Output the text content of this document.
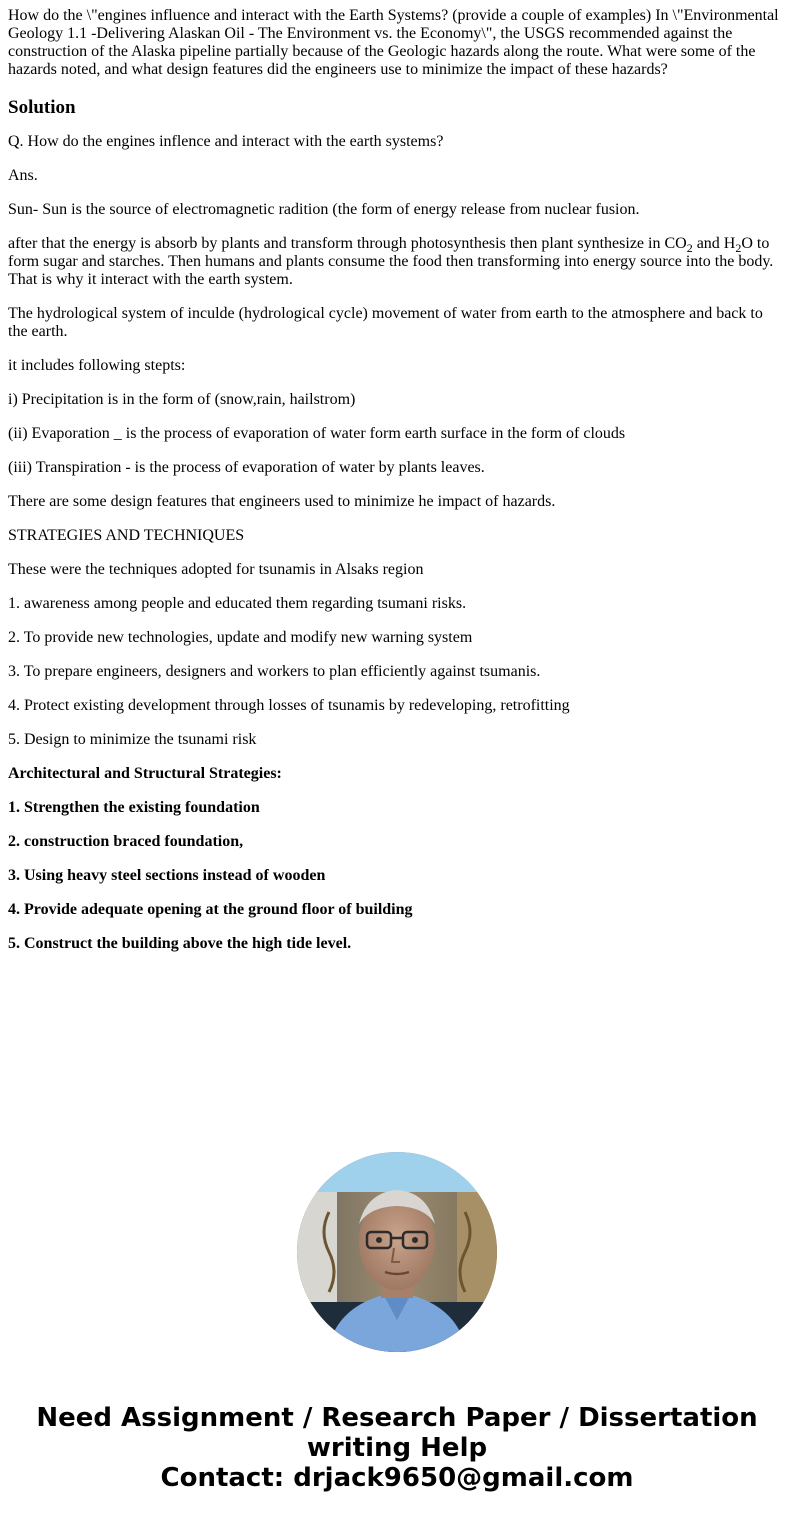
How do the \"engines influence and interact with the Earth Systems? (provide a couple of examples) In \"Environmental Geology 1.1 -Delivering Alaskan Oil - The Environment vs. the Economy\", the USGS recommended against the construction of the Alaska pipeline partially because of the Geologic hazards along the route. What were some of the hazards noted, and what design features did the engineers use to minimize the impact of these hazards?

Solution

Q. How do the engines inflence and interact with the earth systems?

Ans.

Sun- Sun is the source of electromagnetic radition (the form of energy release from nuclear fusion.

after that the energy is absorb by plants and transform through photosynthesis then plant synthesize in $CO_2$ and $H_2O$ to form sugar and starches. Then humans and plants consume the food then transforming into energy source into the body. That is why it interact with the earth system.

The hydrological system of inculde (hydrological cycle) movement of water from earth to the atmosphere and back to the earth.

it includes following stepts:

i) Precipitation is in the form of (snow,rain, hailstrom)

(ii) Evaporation _ is the process of evaporation of water form earth surface in the form of clouds

(iii) Transpiration - is the process of evaporation of water by plants leaves.

There are some design features that engineers used to minimize he impact of hazards.

STRATEGIES AND TECHNIQUES

These were the techniques adopted for tsunamis in Alsaks region

1. awareness among people and educated them regarding tsumani risks.

2. To provide new technologies, update and modify new warning system

3. To prepare engineers, designers and workers to plan efficiently against tsumanis.

4. Protect existing development through losses of tsunamis by redeveloping, retrofitting

5. Design to minimize the tsunami risk

Architectural and Structural Strategies:

1. Strengthen the existing foundation

2. construction braced foundation,

3. Using heavy steel sections instead of wooden

4. Provide adequate opening at the ground floor of building

5. Construct the building above the high tide level.

Need Assignment / Research Paper / Dissertation
writing Help
Contact: drjack9650@gmail.com
